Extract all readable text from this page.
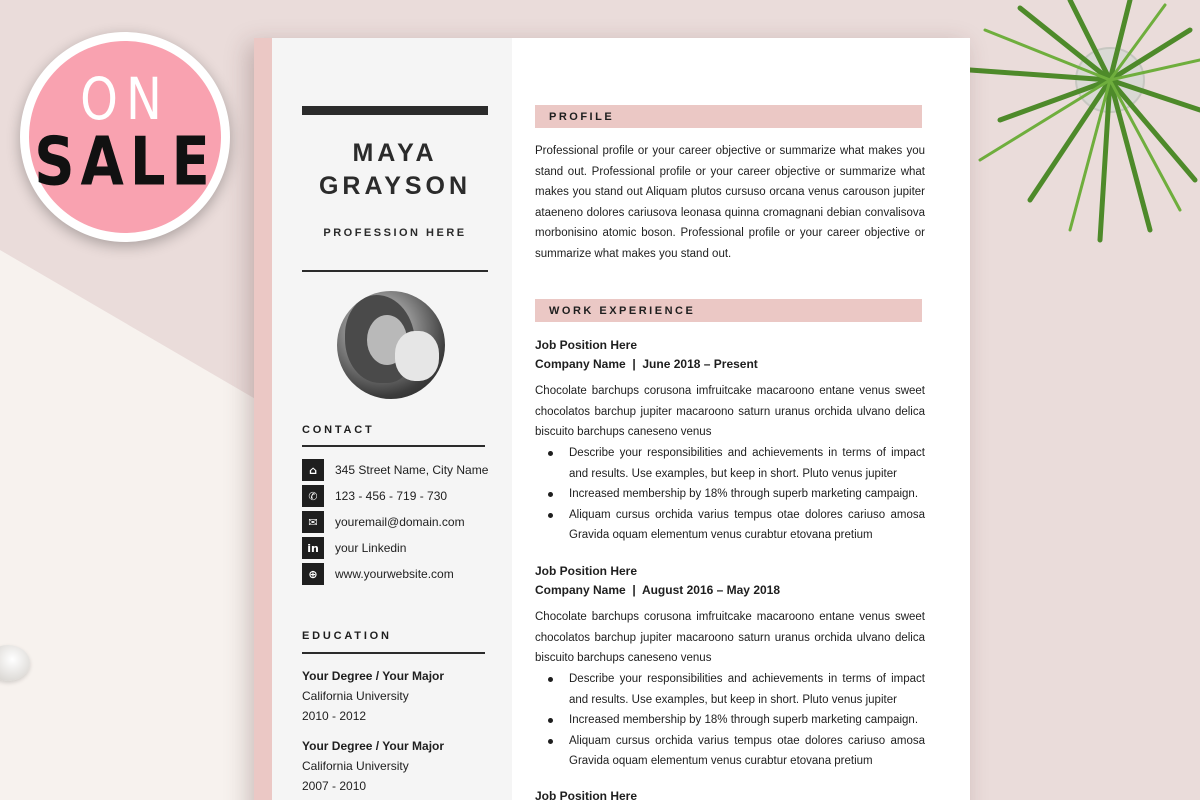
MAYA
GRAYSON
PROFESSION HERE
CONTACT
⌂	345 Street Name, City Name
✆	123 - 456 - 719 - 730
✉	youremail@domain.com
in	your Linkedin
⊕	www.yourwebsite.com
EDUCATION
Your Degree / Your Major
California University
2010 - 2012
Your Degree / Your Major
California University
2007 - 2010
PROFILE

Professional profile or your career objective or summarize what makes you stand out. Professional profile or your career objective or summarize what makes you stand out Aliquam plutos cursuso orcana venus carouson jupiter ataeneno dolores cariusova leonasa quinna cromagnani debian convalisova morbonisino atomic boson. Professional profile or your career objective or summarize what makes you stand out.

WORK EXPERIENCE
Job Position Here
Company Name  |  June 2018 – Present

Chocolate barchups corusona imfruitcake macaroono entane venus sweet chocolatos barchup jupiter macaroono saturn uranus orchida ulvano delica biscuito barchups caneseno venus

Describe your responsibilities and achievements in terms of impact and results. Use examples, but keep in short. Pluto venus jupiter
Increased membership by 18% through superb marketing campaign.
Aliquam cursus orchida varius tempus otae dolores cariuso amosa Gravida oquam elementum venus curabtur etovana pretium
Job Position Here
Company Name  |  August 2016 – May 2018

Chocolate barchups corusona imfruitcake macaroono entane venus sweet chocolatos barchup jupiter macaroono saturn uranus orchida ulvano delica biscuito barchups caneseno venus

Describe your responsibilities and achievements in terms of impact and results. Use examples, but keep in short. Pluto venus jupiter
Increased membership by 18% through superb marketing campaign.
Aliquam cursus orchida varius tempus otae dolores cariuso amosa Gravida oquam elementum venus curabtur etovana pretium
Job Position Here
ON
SALE
